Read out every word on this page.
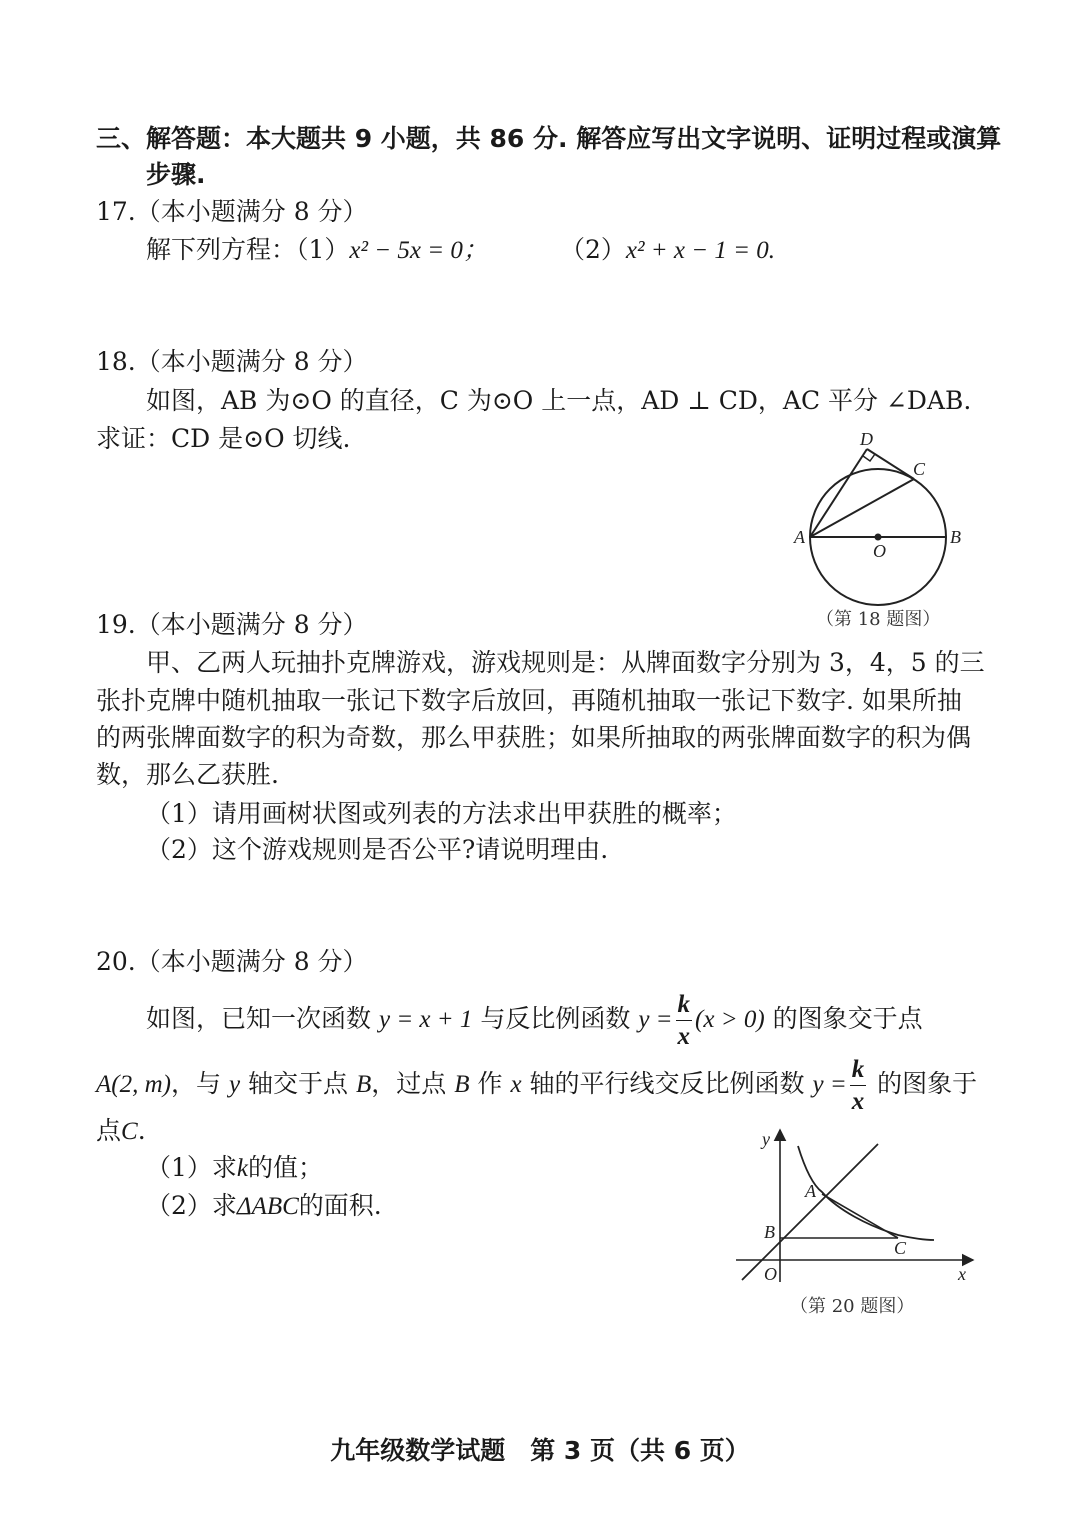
三、解答题：本大题共 9 小题，共 86 分. 解答应写出文字说明、证明过程或演算
步骤.
17.（本小题满分 8 分）
解下列方程：（1）x² − 5x = 0；	（2）x² + x − 1 = 0.
18.（本小题满分 8 分）
如图，AB 为⊙O 的直径，C 为⊙O 上一点，AD ⊥ CD，AC 平分 ∠DAB.
求证：CD 是⊙O 切线.	D
C
A	B
O
（第 18 题图）
19.（本小题满分 8 分）
甲、乙两人玩抽扑克牌游戏，游戏规则是：从牌面数字分别为 3，4，5 的三
张扑克牌中随机抽取一张记下数字后放回，再随机抽取一张记下数字. 如果所抽
的两张牌面数字的积为奇数，那么甲获胜；如果所抽取的两张牌面数字的积为偶
数，那么乙获胜.
（1）请用画树状图或列表的方法求出甲获胜的概率；
（2）这个游戏规则是否公平?请说明理由.
20.（本小题满分 8 分）
如图，已知一次函数 y = x + 1 与反比例函数 $y = \frac{k}{x} (x > 0)$ 的图象交于点
A(2, m)，与 y 轴交于点 B，过点 B 作 x 轴的平行线交反比例函数 $y = \frac{k}{x}$ 的图象于
点C.
（1）求k的值；
（2）求ΔABC的面积.
y
x
O
A
B
C
（第 20 题图）
九年级数学试题　第 3 页（共 6 页）
